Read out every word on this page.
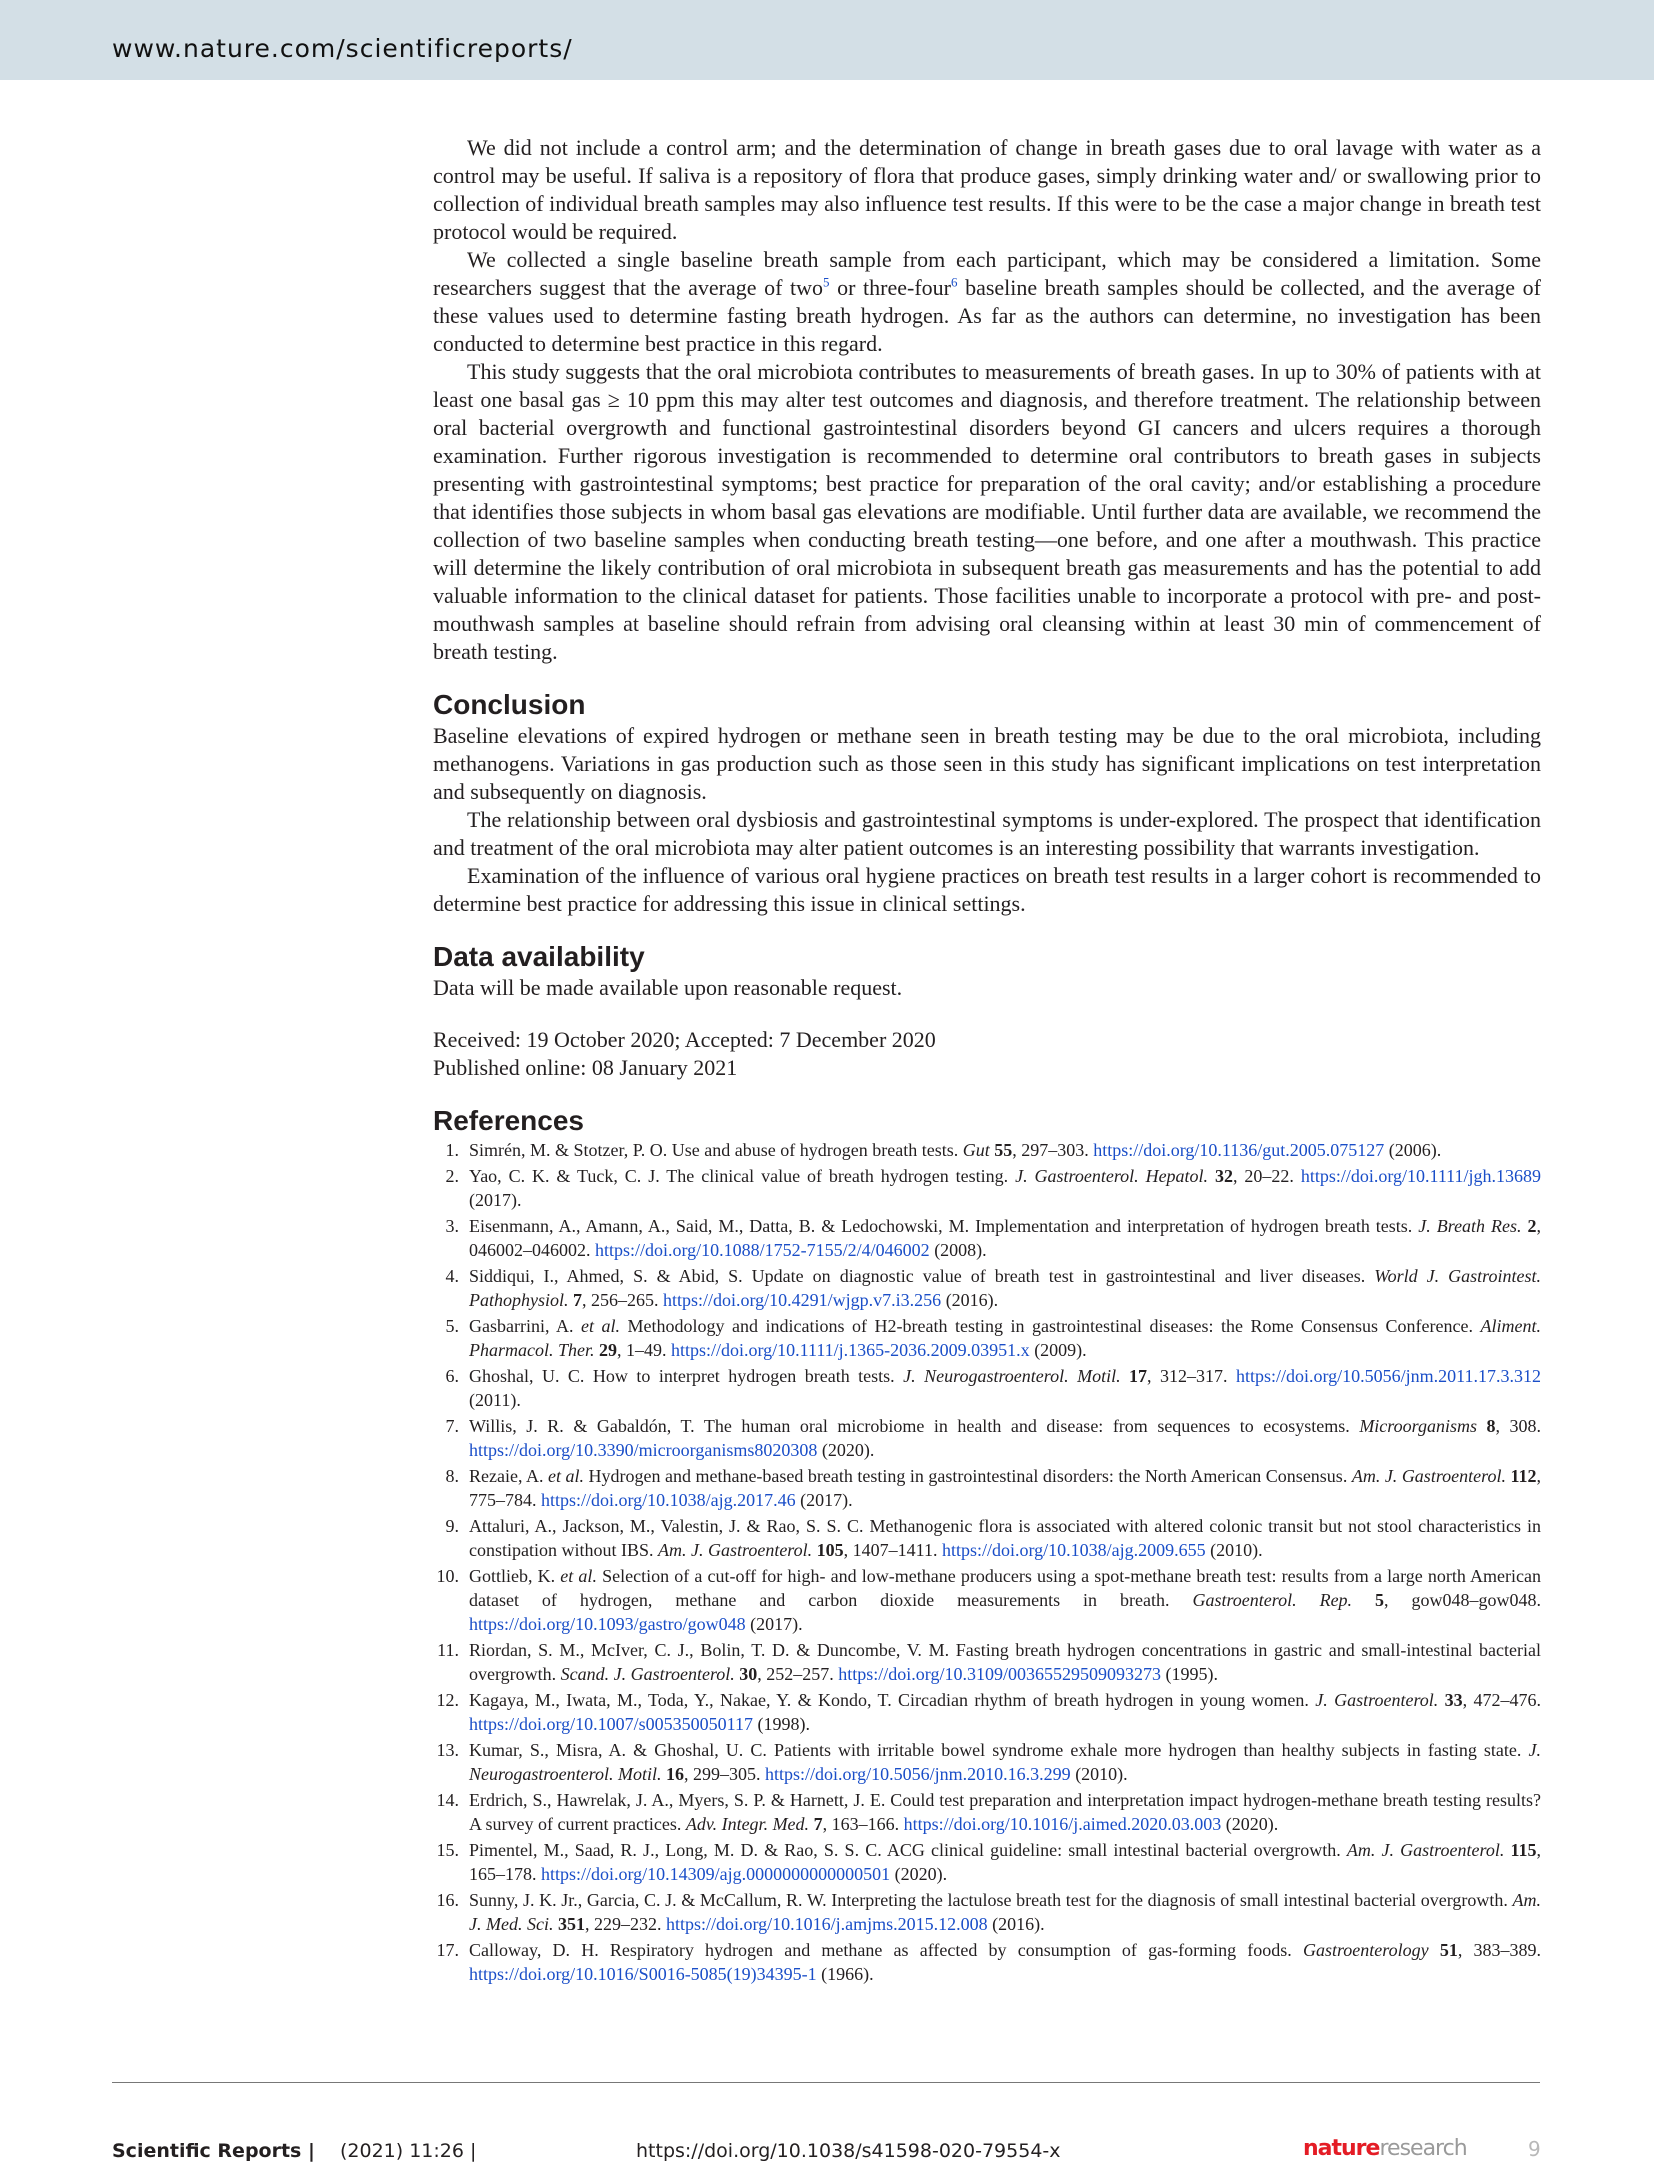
www.nature.com/scientificreports/

We did not include a control arm; and the determination of change in breath gases due to oral lavage with water as a control may be useful. If saliva is a repository of flora that produce gases, simply drinking water and/ or swallowing prior to collection of individual breath samples may also influence test results. If this were to be the case a major change in breath test protocol would be required.

We collected a single baseline breath sample from each participant, which may be considered a limitation. Some researchers suggest that the average of two$^5$ or three-four$^6$ baseline breath samples should be collected, and the average of these values used to determine fasting breath hydrogen. As far as the authors can determine, no investigation has been conducted to determine best practice in this regard.

This study suggests that the oral microbiota contributes to measurements of breath gases. In up to 30% of patients with at least one basal gas ≥ 10 ppm this may alter test outcomes and diagnosis, and therefore treatment. The relationship between oral bacterial overgrowth and functional gastrointestinal disorders beyond GI cancers and ulcers requires a thorough examination. Further rigorous investigation is recommended to determine oral contributors to breath gases in subjects presenting with gastrointestinal symptoms; best practice for preparation of the oral cavity; and/or establishing a procedure that identifies those subjects in whom basal gas elevations are modifiable. Until further data are available, we recommend the collection of two baseline samples when conducting breath testing—one before, and one after a mouthwash. This practice will determine the likely contribution of oral microbiota in subsequent breath gas measurements and has the potential to add valuable information to the clinical dataset for patients. Those facilities unable to incorporate a protocol with pre- and post- mouthwash samples at baseline should refrain from advising oral cleansing within at least 30 min of commencement of breath testing.

Conclusion

Baseline elevations of expired hydrogen or methane seen in breath testing may be due to the oral microbiota, including methanogens. Variations in gas production such as those seen in this study has significant implications on test interpretation and subsequently on diagnosis.

The relationship between oral dysbiosis and gastrointestinal symptoms is under-explored. The prospect that identification and treatment of the oral microbiota may alter patient outcomes is an interesting possibility that warrants investigation.

Examination of the influence of various oral hygiene practices on breath test results in a larger cohort is recommended to determine best practice for addressing this issue in clinical settings.

Data availability

Data will be made available upon reasonable request.

Received: 19 October 2020; Accepted: 7 December 2020

Published online: 08 January 2021

References
1. Simrén, M. & Stotzer, P. O. Use and abuse of hydrogen breath tests. Gut 55, 297–303. https://doi.org/10.1136/gut.2005.075127 (2006).
2. Yao, C. K. & Tuck, C. J. The clinical value of breath hydrogen testing. J. Gastroenterol. Hepatol. 32, 20–22. https://doi.org/10.1111/jgh.13689 (2017).
3. Eisenmann, A., Amann, A., Said, M., Datta, B. & Ledochowski, M. Implementation and interpretation of hydrogen breath tests. J. Breath Res. 2, 046002–046002. https://doi.org/10.1088/1752-7155/2/4/046002 (2008).
4. Siddiqui, I., Ahmed, S. & Abid, S. Update on diagnostic value of breath test in gastrointestinal and liver diseases. World J. Gastrointest. Pathophysiol. 7, 256–265. https://doi.org/10.4291/wjgp.v7.i3.256 (2016).
5. Gasbarrini, A. et al. Methodology and indications of H2-breath testing in gastrointestinal diseases: the Rome Consensus Conference. Aliment. Pharmacol. Ther. 29, 1–49. https://doi.org/10.1111/j.1365-2036.2009.03951.x (2009).
6. Ghoshal, U. C. How to interpret hydrogen breath tests. J. Neurogastroenterol. Motil. 17, 312–317. https://doi.org/10.5056/jnm.2011.17.3.312 (2011).
7. Willis, J. R. & Gabaldón, T. The human oral microbiome in health and disease: from sequences to ecosystems. Microorganisms 8, 308. https://doi.org/10.3390/microorganisms8020308 (2020).
8. Rezaie, A. et al. Hydrogen and methane-based breath testing in gastrointestinal disorders: the North American Consensus. Am. J. Gastroenterol. 112, 775–784. https://doi.org/10.1038/ajg.2017.46 (2017).
9. Attaluri, A., Jackson, M., Valestin, J. & Rao, S. S. C. Methanogenic flora is associated with altered colonic transit but not stool characteristics in constipation without IBS. Am. J. Gastroenterol. 105, 1407–1411. https://doi.org/10.1038/ajg.2009.655 (2010).
10. Gottlieb, K. et al. Selection of a cut-off for high- and low-methane producers using a spot-methane breath test: results from a large north American dataset of hydrogen, methane and carbon dioxide measurements in breath. Gastroenterol. Rep. 5, gow048–gow048. https://doi.org/10.1093/gastro/gow048 (2017).
11. Riordan, S. M., McIver, C. J., Bolin, T. D. & Duncombe, V. M. Fasting breath hydrogen concentrations in gastric and small-intestinal bacterial overgrowth. Scand. J. Gastroenterol. 30, 252–257. https://doi.org/10.3109/00365529509093273 (1995).
12. Kagaya, M., Iwata, M., Toda, Y., Nakae, Y. & Kondo, T. Circadian rhythm of breath hydrogen in young women. J. Gastroenterol. 33, 472–476. https://doi.org/10.1007/s005350050117 (1998).
13. Kumar, S., Misra, A. & Ghoshal, U. C. Patients with irritable bowel syndrome exhale more hydrogen than healthy subjects in fasting state. J. Neurogastroenterol. Motil. 16, 299–305. https://doi.org/10.5056/jnm.2010.16.3.299 (2010).
14. Erdrich, S., Hawrelak, J. A., Myers, S. P. & Harnett, J. E. Could test preparation and interpretation impact hydrogen-methane breath testing results? A survey of current practices. Adv. Integr. Med. 7, 163–166. https://doi.org/10.1016/j.aimed.2020.03.003 (2020).
15. Pimentel, M., Saad, R. J., Long, M. D. & Rao, S. S. C. ACG clinical guideline: small intestinal bacterial overgrowth. Am. J. Gastroenterol. 115, 165–178. https://doi.org/10.14309/ajg.0000000000000501 (2020).
16. Sunny, J. K. Jr., Garcia, C. J. & McCallum, R. W. Interpreting the lactulose breath test for the diagnosis of small intestinal bacterial overgrowth. Am. J. Med. Sci. 351, 229–232. https://doi.org/10.1016/j.amjms.2015.12.008 (2016).
17. Calloway, D. H. Respiratory hydrogen and methane as affected by consumption of gas-forming foods. Gastroenterology 51, 383–389. https://doi.org/10.1016/S0016-5085(19)34395-1 (1966).
Scientific Reports | (2021) 11:26 |	https://doi.org/10.1038/s41598-020-79554-x	natureresearch	9
